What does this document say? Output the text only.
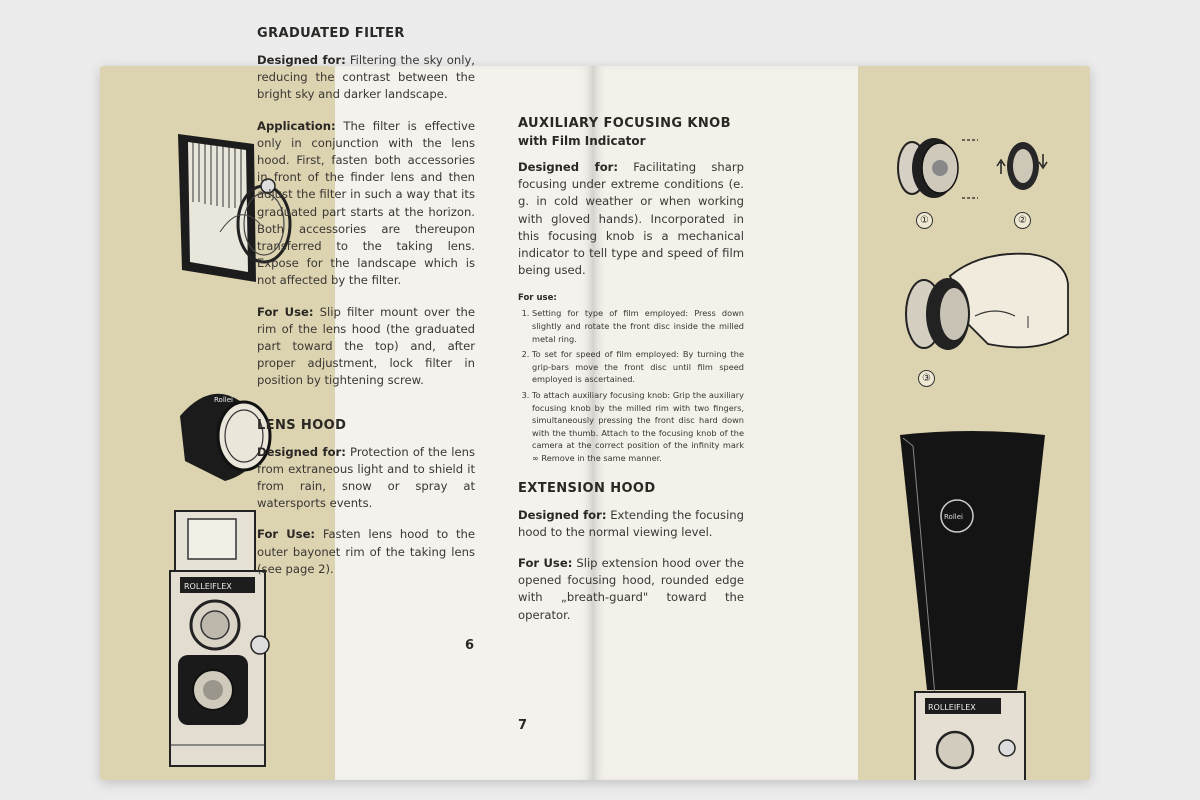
Rollei
ROLLEIFLEX
①	②
③
Rollei
ROLLEIFLEX
GRADUATED FILTER

Designed for: Filtering the sky only, reducing the contrast between the bright sky and darker landscape.

Application: The filter is effective only in conjunction with the lens hood. First, fasten both accessories in front of the finder lens and then adjust the filter in such a way that its graduated part starts at the horizon. Both accessories are thereupon transferred to the taking lens. Expose for the landscape which is not affected by the filter.

For Use: Slip filter mount over the rim of the lens hood (the graduated part toward the top) and, after proper adjustment, lock filter in position by tightening screw.

LENS HOOD

Designed for: Protection of the lens from extraneous light and to shield it from rain, snow or spray at watersports events.

For Use: Fasten lens hood to the outer bayonet rim of the taking lens (see page 2).

6
AUXILIARY FOCUSING KNOB
with Film Indicator

Designed for: Facilitating sharp focusing under extreme conditions (e. g. in cold weather or when working with gloved hands). Incorporated in this focusing knob is a mechanical indicator to tell type and speed of film being used.

For use:
1. Setting for type of film employed: Press down slightly and rotate the front disc inside the milled metal ring.
2. To set for speed of film employed: By turning the grip-bars move the front disc until film speed employed is ascertained.
3. To attach auxiliary focusing knob: Grip the auxiliary focusing knob by the milled rim with two fingers, simultaneously pressing the front disc hard down with the thumb. Attach to the focusing knob of the camera at the correct position of the infinity mark ∞ Remove in the same manner.
EXTENSION HOOD

Designed for: Extending the focusing hood to the normal viewing level.

For Use: Slip extension hood over the opened focusing hood, rounded edge with „breath-guard" toward the operator.

7
